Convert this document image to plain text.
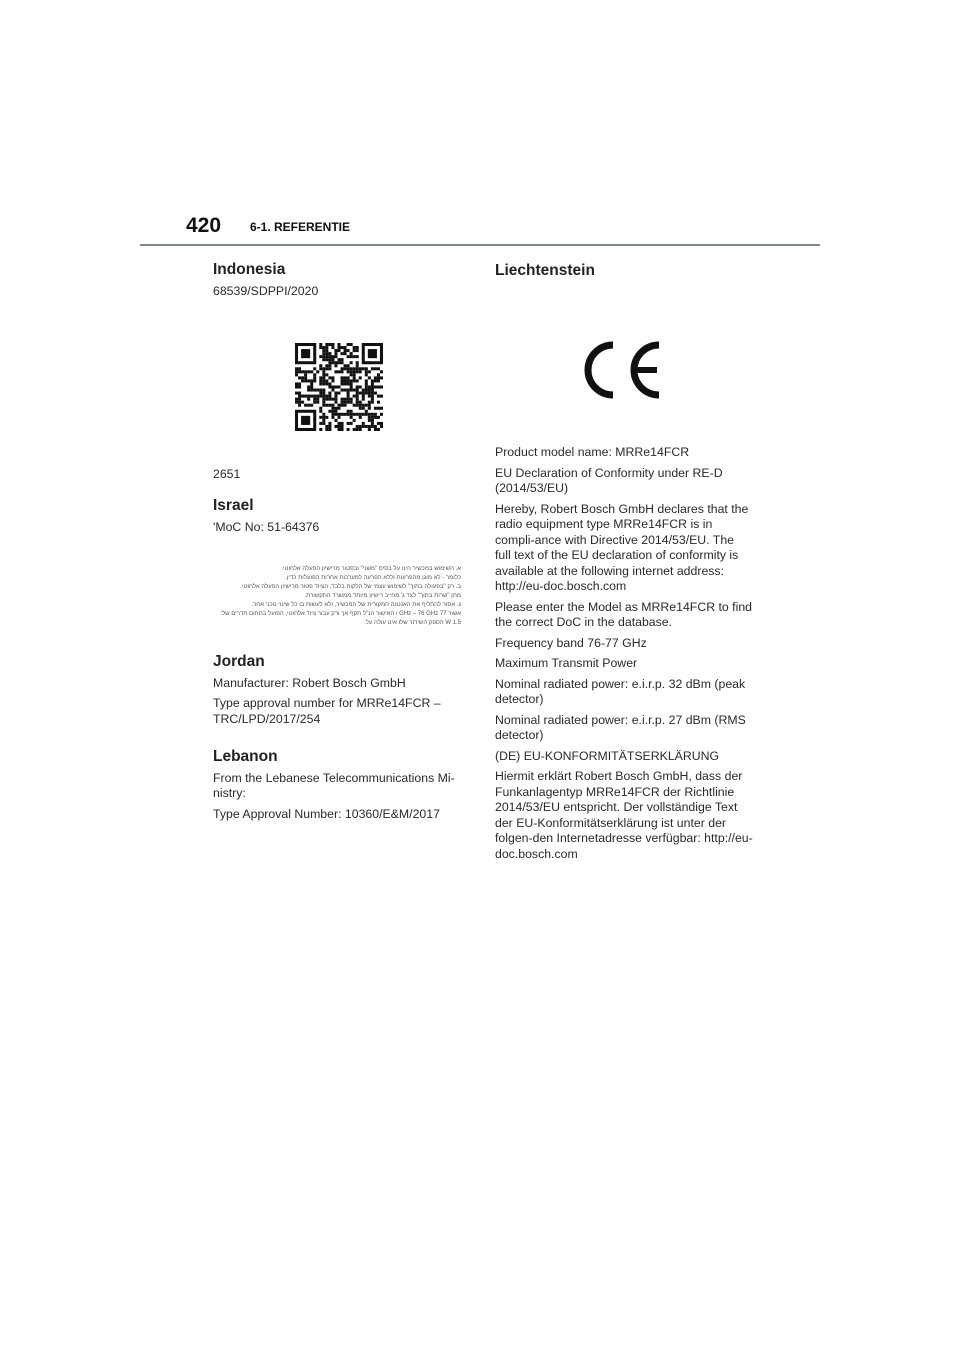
420 6-1. REFERENTIE
Indonesia

68539/SDPPI/2020

2651

Israel

'MoC No: 51-64376

א. השימוש במכשיר הינו על בסיס "משני" ובפטור מרישיון הפעלה אלחוטי.
כלומר - לא מוגן מהפרעות וללא הפרעה למערכות אחרות הפועלות כדין.
ב. רק "בפעולה בתוך" לשימוש עצמי של הלקוח בלבד, הציוד פטור מרישיון הפעלה אלחוטי.
מתן "שרות בתוך" לצד ג' מחייב רישיון מיוחד ממשרד התקשורת.
ג. אסור להחליף את האנטנה המקורית של המכשיר, ולא לעשות בו כל שינוי טכני אחר.
אשור 77 GHz – 76 GHz ו האישור הנ"ל תקף אך ורק עבור ציוד אלחוטי, הפועל בתחום תדרים של:
W 1.5 הספק השידור שלו אינו עולה על:
Jordan

Manufacturer: Robert Bosch GmbH

Type approval number for MRRe14FCR – TRC/LPD/2017/254

Lebanon

From the Lebanese Telecommunications Mi-nistry:

Type Approval Number: 10360/E&M/2017

Liechtenstein

Product model name: MRRe14FCR

EU Declaration of Conformity under RE-D (2014/53/EU)

Hereby, Robert Bosch GmbH declares that the radio equipment type MRRe14FCR is in compli-ance with Directive 2014/53/EU. The full text of the EU declaration of conformity is available at the following internet address: http://eu-doc.bosch.com

Please enter the Model as MRRe14FCR to find the correct DoC in the database.

Frequency band 76-77 GHz

Maximum Transmit Power

Nominal radiated power: e.i.r.p. 32 dBm (peak detector)

Nominal radiated power: e.i.r.p. 27 dBm (RMS detector)

(DE) EU-KONFORMITÄTSERKLÄRUNG

Hiermit erklärt Robert Bosch GmbH, dass der Funkanlagentyp MRRe14FCR der Richtlinie 2014/53/EU entspricht. Der vollständige Text der EU-Konformitätserklärung ist unter der folgen-den Internetadresse verfügbar: http://eu-doc.bosch.com
